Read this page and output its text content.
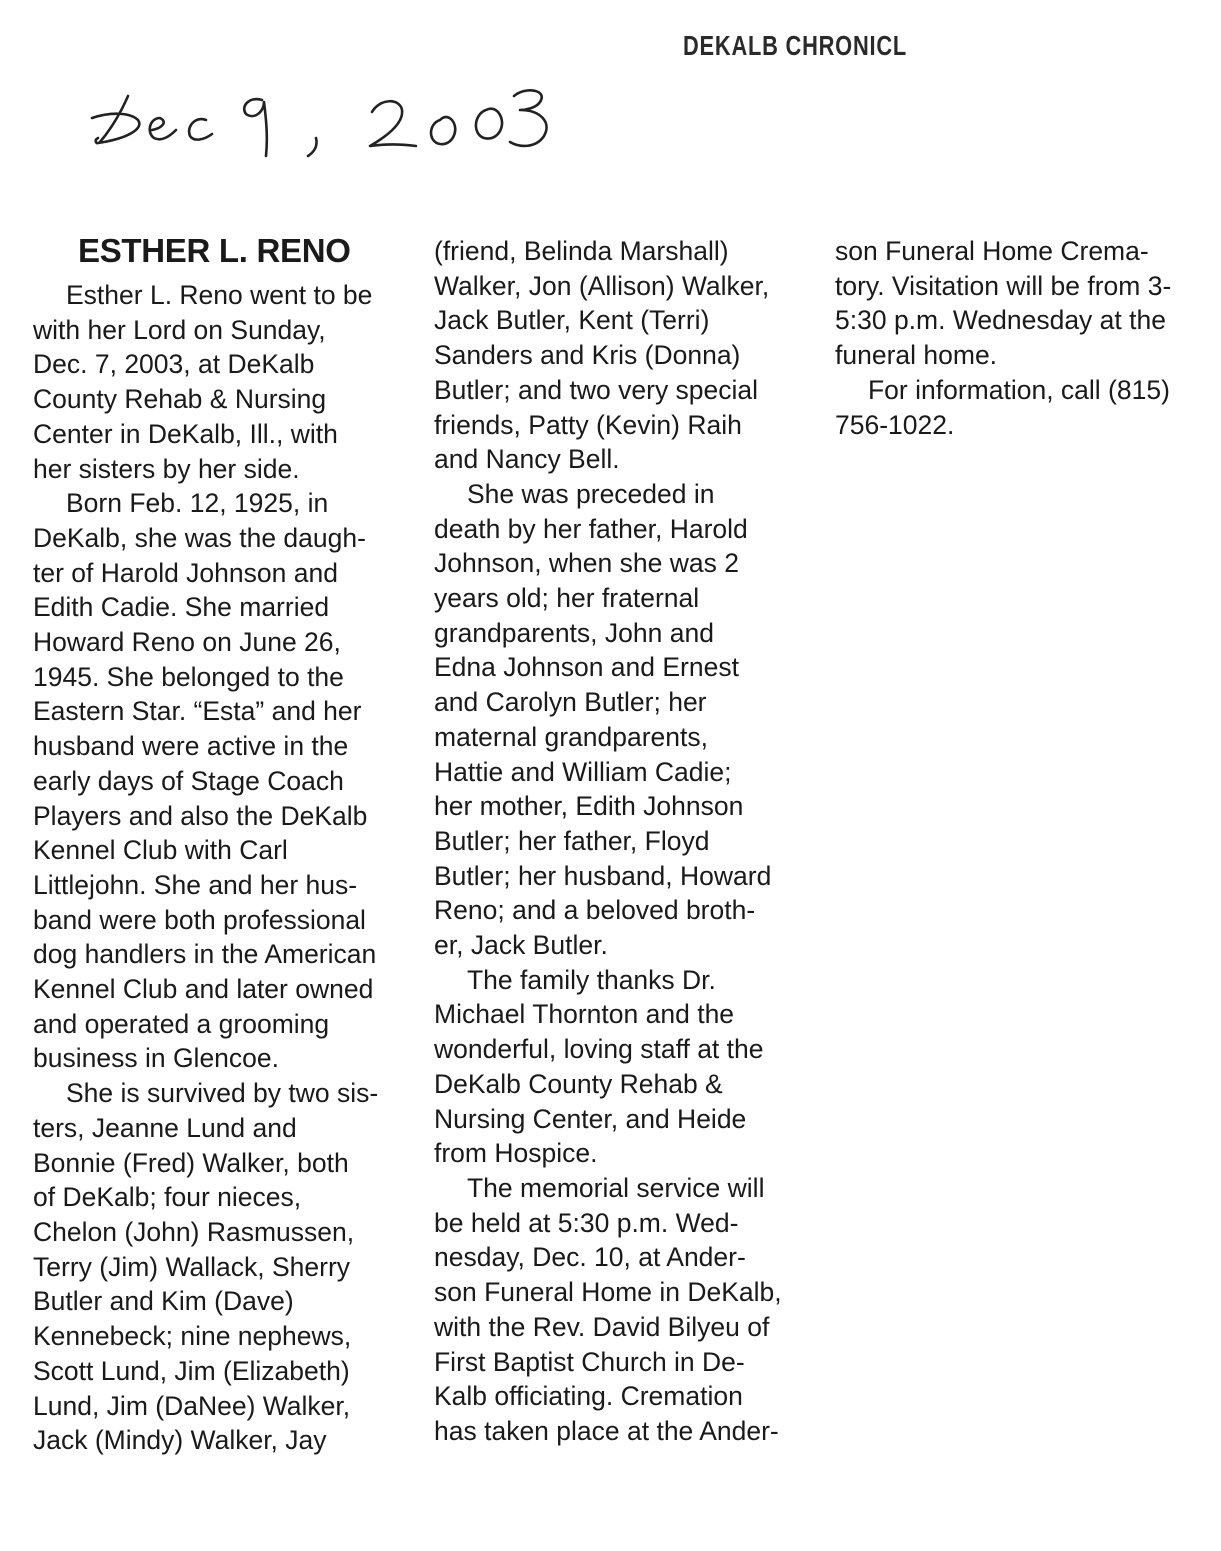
DEKALB CHRONICL
ESTHER L. RENO
Esther L. Reno went to be
with her Lord on Sunday,
Dec. 7, 2003, at DeKalb
County Rehab & Nursing
Center in DeKalb, Ill., with
her sisters by her side.
Born Feb. 12, 1925, in
DeKalb, she was the daugh-
ter of Harold Johnson and
Edith Cadie. She married
Howard Reno on June 26,
1945. She belonged to the
Eastern Star. “Esta” and her
husband were active in the
early days of Stage Coach
Players and also the DeKalb
Kennel Club with Carl
Littlejohn. She and her hus-
band were both professional
dog handlers in the American
Kennel Club and later owned
and operated a grooming
business in Glencoe.
She is survived by two sis-
ters, Jeanne Lund and
Bonnie (Fred) Walker, both
of DeKalb; four nieces,
Chelon (John) Rasmussen,
Terry (Jim) Wallack, Sherry
Butler and Kim (Dave)
Kennebeck; nine nephews,
Scott Lund, Jim (Elizabeth)
Lund, Jim (DaNee) Walker,
Jack (Mindy) Walker, Jay
(friend, Belinda Marshall)
Walker, Jon (Allison) Walker,
Jack Butler, Kent (Terri)
Sanders and Kris (Donna)
Butler; and two very special
friends, Patty (Kevin) Raih
and Nancy Bell.
She was preceded in
death by her father, Harold
Johnson, when she was 2
years old; her fraternal
grandparents, John and
Edna Johnson and Ernest
and Carolyn Butler; her
maternal grandparents,
Hattie and William Cadie;
her mother, Edith Johnson
Butler; her father, Floyd
Butler; her husband, Howard
Reno; and a beloved broth-
er, Jack Butler.
The family thanks Dr.
Michael Thornton and the
wonderful, loving staff at the
DeKalb County Rehab &
Nursing Center, and Heide
from Hospice.
The memorial service will
be held at 5:30 p.m. Wed-
nesday, Dec. 10, at Ander-
son Funeral Home in DeKalb,
with the Rev. David Bilyeu of
First Baptist Church in De-
Kalb officiating. Cremation
has taken place at the Ander-
son Funeral Home Crema-
tory. Visitation will be from 3-
5:30 p.m. Wednesday at the
funeral home.
For information, call (815)
756-1022.
